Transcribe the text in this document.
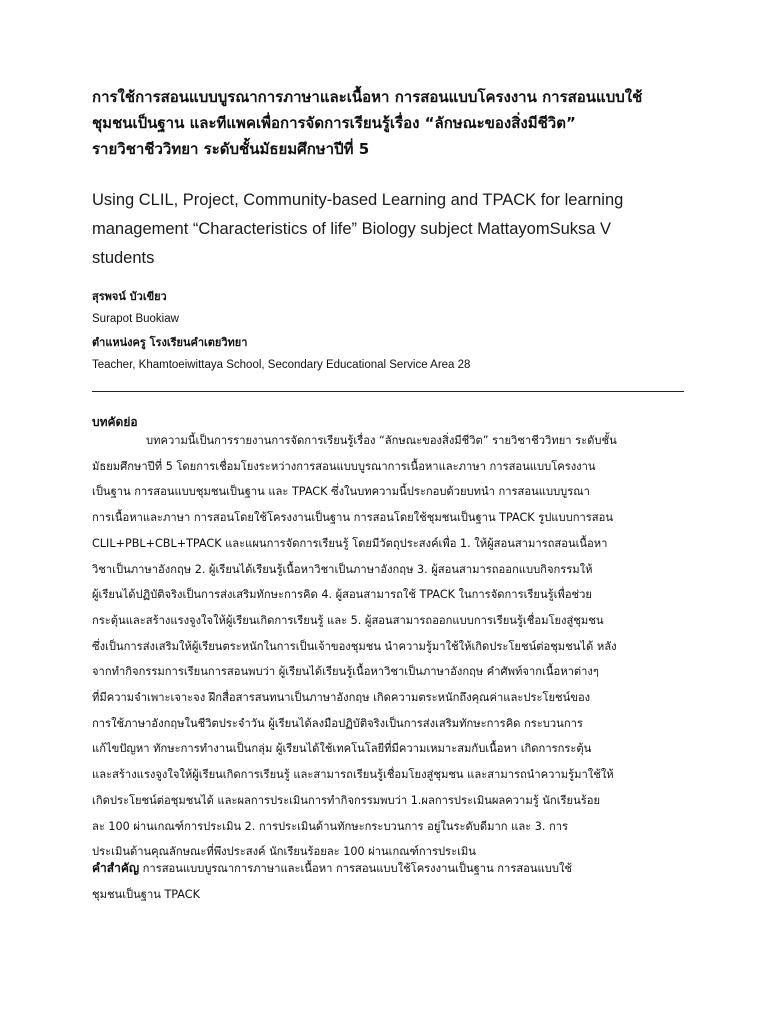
การใช้การสอนแบบบูรณาการภาษาและเนื้อหา การสอนแบบโครงงาน การสอนแบบใช้
ชุมชนเป็นฐาน และทีแพคเพื่อการจัดการเรียนรู้เรื่อง “ลักษณะของสิ่งมีชีวิต”
รายวิชาชีววิทยา ระดับชั้นมัธยมศึกษาปีที่ 5
Using CLIL, Project, Community-based Learning and TPACK for learning
management “Characteristics of life” Biology subject MattayomSuksa V
students
สุรพจน์ บัวเขียว
Surapot Buokiaw
ตำแหน่งครู โรงเรียนคำเตยวิทยา
Teacher, Khamtoeiwittaya School, Secondary Educational Service Area 28
บทคัดย่อ
บทความนี้เป็นการรายงานการจัดการเรียนรู้เรื่อง “ลักษณะของสิ่งมีชีวิต” รายวิชาชีววิทยา ระดับชั้น
มัธยมศึกษาปีที่ 5 โดยการเชื่อมโยงระหว่างการสอนแบบบูรณาการเนื้อหาและภาษา การสอนแบบโครงงาน
เป็นฐาน การสอนแบบชุมชนเป็นฐาน และ TPACK ซึ่งในบทความนี้ประกอบด้วยบทนำ การสอนแบบบูรณา
การเนื้อหาและภาษา การสอนโดยใช้โครงงานเป็นฐาน การสอนโดยใช้ชุมชนเป็นฐาน TPACK รูปแบบการสอน
CLIL+PBL+CBL+TPACK และแผนการจัดการเรียนรู้ โดยมีวัตถุประสงค์เพื่อ 1. ให้ผู้สอนสามารถสอนเนื้อหา
วิชาเป็นภาษาอังกฤษ 2. ผู้เรียนได้เรียนรู้เนื้อหาวิชาเป็นภาษาอังกฤษ 3. ผู้สอนสามารถออกแบบกิจกรรมให้
ผู้เรียนได้ปฏิบัติจริงเป็นการส่งเสริมทักษะการคิด 4. ผู้สอนสามารถใช้ TPACK ในการจัดการเรียนรู้เพื่อช่วย
กระตุ้นและสร้างแรงจูงใจให้ผู้เรียนเกิดการเรียนรู้ และ 5. ผู้สอนสามารถออกแบบการเรียนรู้เชื่อมโยงสู่ชุมชน
ซึ่งเป็นการส่งเสริมให้ผู้เรียนตระหนักในการเป็นเจ้าของชุมชน นำความรู้มาใช้ให้เกิดประโยชน์ต่อชุมชนได้ หลัง
จากทำกิจกรรมการเรียนการสอนพบว่า ผู้เรียนได้เรียนรู้เนื้อหาวิชาเป็นภาษาอังกฤษ คำศัพท์จากเนื้อหาต่างๆ
ที่มีความจำเพาะเจาะจง ฝึกสื่อสารสนทนาเป็นภาษาอังกฤษ เกิดความตระหนักถึงคุณค่าและประโยชน์ของ
การใช้ภาษาอังกฤษในชีวิตประจำวัน ผู้เรียนได้ลงมือปฏิบัติจริงเป็นการส่งเสริมทักษะการคิด กระบวนการ
แก้ไขปัญหา ทักษะการทำงานเป็นกลุ่ม ผู้เรียนได้ใช้เทคโนโลยีที่มีความเหมาะสมกับเนื้อหา เกิดการกระตุ้น
และสร้างแรงจูงใจให้ผู้เรียนเกิดการเรียนรู้ และสามารถเรียนรู้เชื่อมโยงสู่ชุมชน และสามารถนำความรู้มาใช้ให้
เกิดประโยชน์ต่อชุมชนได้ และผลการประเมินการทำกิจกรรมพบว่า 1.ผลการประเมินผลความรู้ นักเรียนร้อย
ละ 100 ผ่านเกณฑ์การประเมิน 2. การประเมินด้านทักษะกระบวนการ อยู่ในระดับดีมาก และ 3. การ
ประเมินด้านคุณลักษณะที่พึงประสงค์ นักเรียนร้อยละ 100 ผ่านเกณฑ์การประเมิน
คำสำคัญ การสอนแบบบูรณาการภาษาและเนื้อหา การสอนแบบใช้โครงงานเป็นฐาน การสอนแบบใช้
ชุมชนเป็นฐาน TPACK
